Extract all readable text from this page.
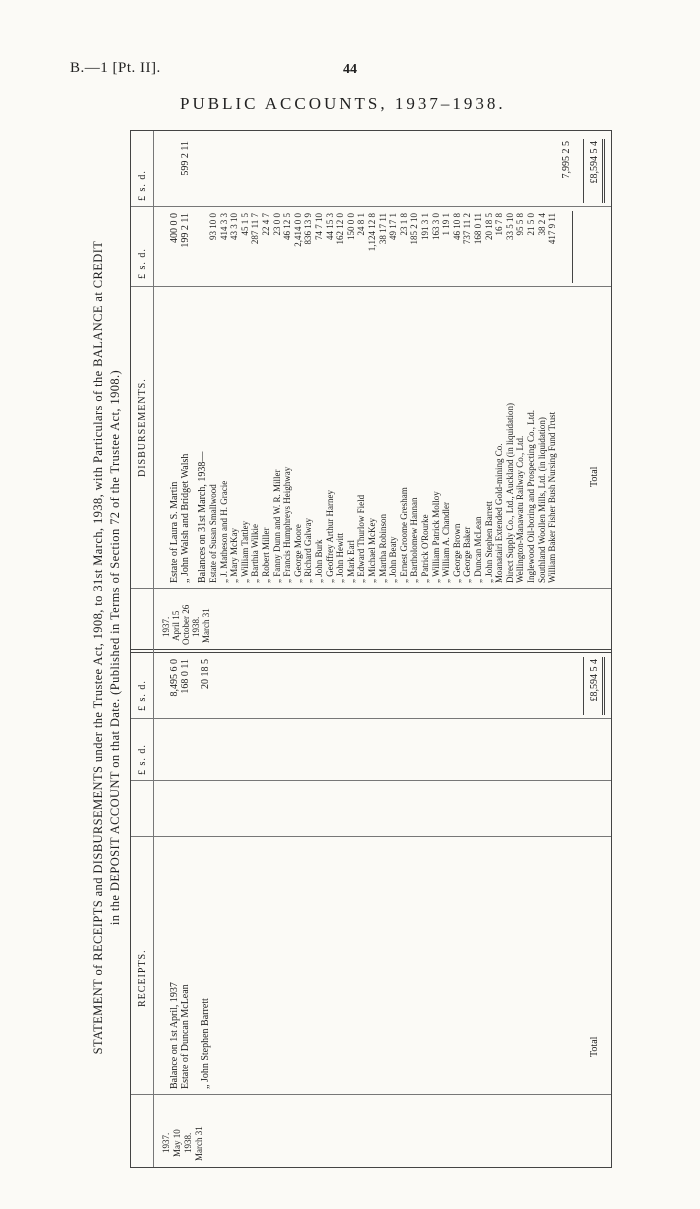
B.—1 [Pt. II].	44
PUBLIC ACCOUNTS, 1937–1938.
STATEMENT of RECEIPTS and DISBURSEMENTS under the Trustee Act, 1908, to 31st March, 1938, with Particulars of the BALANCE at CREDIT in the DEPOSIT ACCOUNT on that Date. (Published in Terms of Section 72 of the Trustee Act, 1908.)
RECEIPTS.
£ s. d.
£ s. d.
DISBURSEMENTS.
£ s. d.
£ s. d.
1937. May 10 1938. March 31
Balance on 1st April, 1937
8,495 6 0
Estate of Duncan McLean
168 0 11
„ John Stephen Barrett
20 18 5
Total
£8,594 5 4
1937. April 15 October 26 1938. March 31
Estate of Laura S. Martin
400 0 0
„ John Walsh and Bridget Walsh
199 2 11
599 2 11
Balances on 31st March, 1938— Estate of Susan Smallwood
93 10 0
„ J. Matheson and H. Gracie
414 3 3
„ Mary McKay
43 3 10
„ William Tattley
45 1 5
„ Barthia Wilkie
287 11 7
„ Robert Miller
22 4 7
„ Fanny Dunn and W. R. Miller
23 0 0
„ Francis Humphreys Heighway
46 12 5
„ George Moore
2,414 0 0
„ Richard Galway
836 13 9
„ John Burk
74 7 10
„ Geoffrey Arthur Harney
44 15 3
„ John Hewitt
162 12 0
„ Mark Earl
150 0 0
„ Edward Thurlow Field
24 8 1
„ Michael McKey
1,124 12 8
„ Martha Robinson
38 17 11
„ John Beaty
49 17 1
„ Ernest Groome Gresham
23 1 8
„ Bartholomew Hannan
185 2 10
„ Patrick O'Rourke
191 3 1
„ William Patrick Molloy
163 3 0
„ William A. Chandler
1 19 1
„ George Brown
46 10 8
„ George Baker
737 11 2
„ Duncan McLean
168 0 11
„ John Stephen Barrett
20 18 5
Moanatairi Extended Gold-mining Co.
16 7 8
Direct Supply Co., Ltd., Auckland (in liquidation)
33 5 10
Wellington-Manawatu Railway Co., Ltd.
95 5 8
Inglewood Oil-boring and Prospecting Co., Ltd.
21 5 0
Southland Woollen Mills, Ltd. (in liquidation)
38 2 4
William Baker Fisher Bush Nursing Fund Trust
417 9 11
7,995 2 5
Total
£8,594 5 4
